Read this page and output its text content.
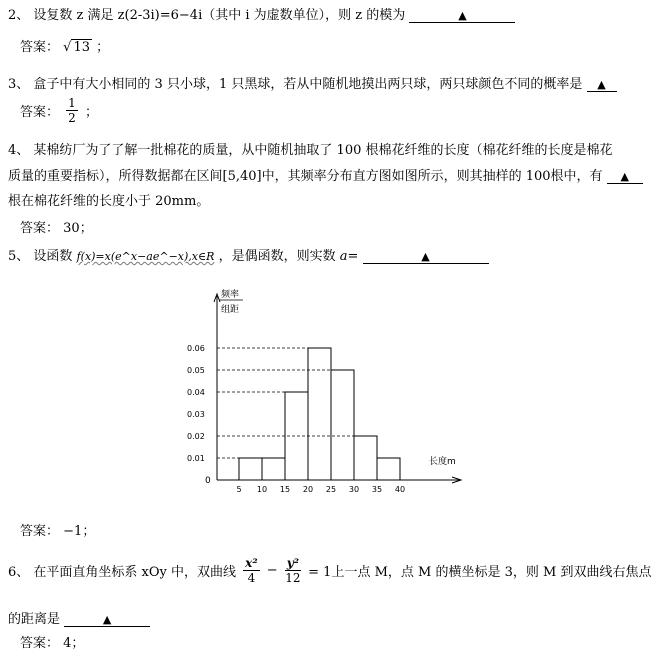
2、 设复数 z 满足 z(2-3i)=6−4i（其中 i 为虚数单位），则 z 的模为	▲
答案： √ 13 ；
3、 盒子中有大小相同的 3 只小球，1 只黑球，若从中随机地摸出两只球，两只球颜色不同的概率是 ▲
答案： $\frac{1}{2}$ ；
4、 某棉纺厂为了了解一批棉花的质量，从中随机抽取了 100 根棉花纤维的长度（棉花纤维的长度是棉花
质量的重要指标），所得数据都在区间[5,40]中，其频率分布直方图如图所示，则其抽样的 100根中，有 ▲
根在棉花纤维的长度小于 20mm。
答案： 30；
5、 设函数 f(x)=x(e^x−ae^−x),x∈R ，是偶函数，则实数 a=	▲
频率
组距
长度m
0
0.01
0.02
0.03
0.04
0.05
0.06
5 10 15 20 25 30 35 40
答案： −1；
6、 在平面直角坐标系 xOy 中，双曲线 $\frac{\text{x²}}{4} - \frac{\text{y²}}{12} = 1$上一点 M，点 M 的横坐标是 3，则 M 到双曲线右焦点
的距离是	▲
答案： 4；
